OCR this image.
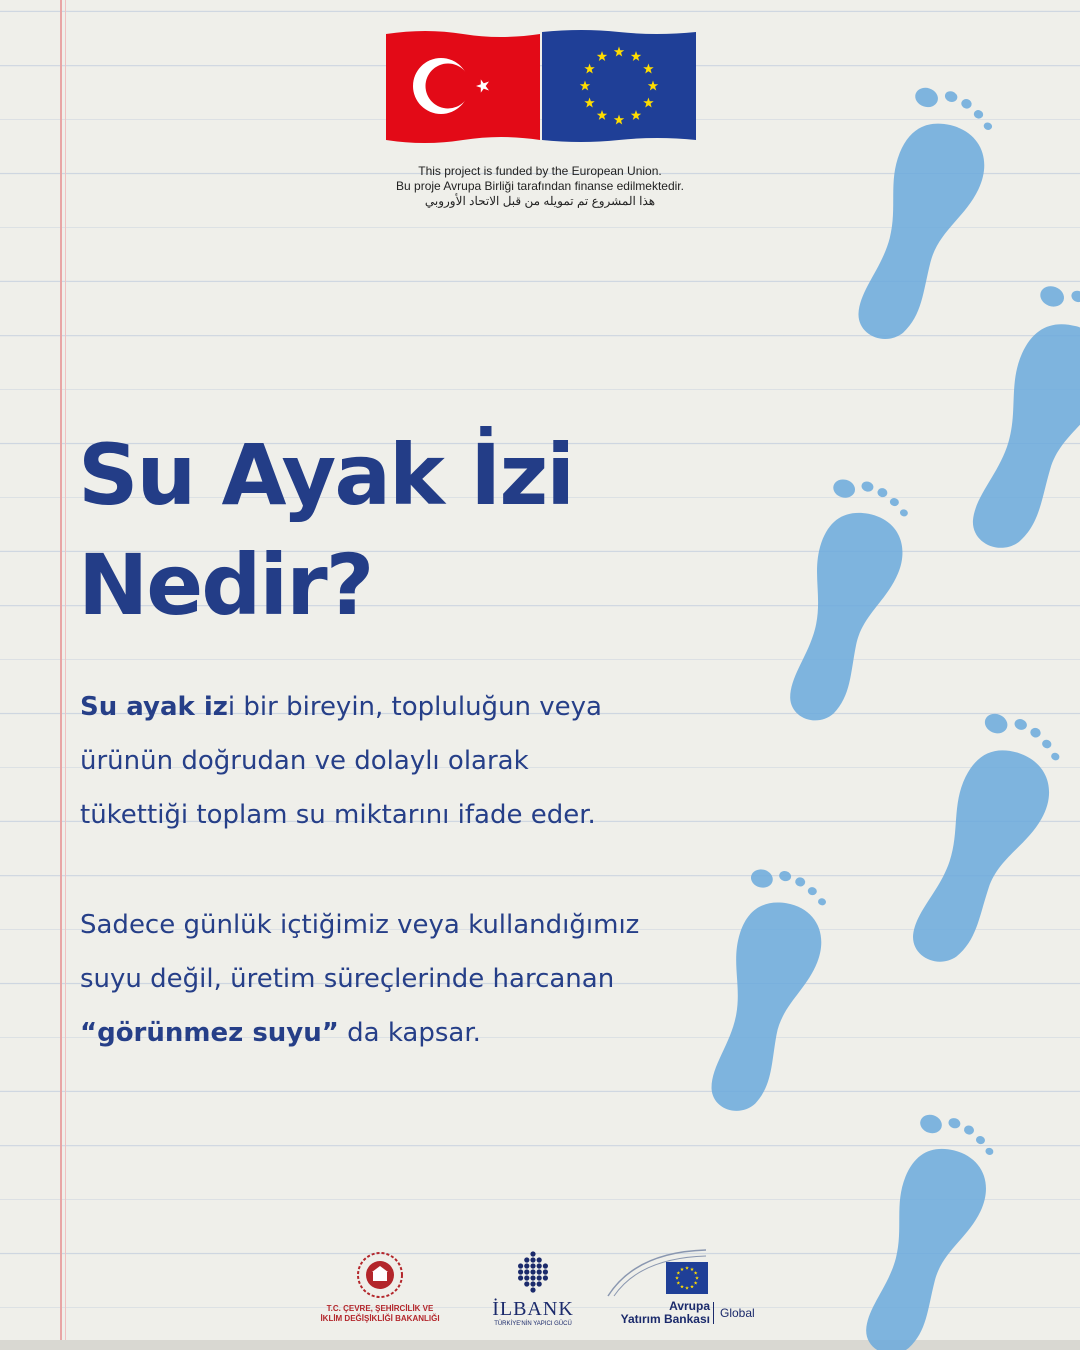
This project is funded by the European Union.
Bu proje Avrupa Birliği tarafından finanse edilmektedir.
هذا المشروع تم تمويله من قبل الاتحاد الأوروبي
Su Ayak İzi
Nedir?
Su ayak izi bir bireyin, topluluğun veya
ürünün doğrudan ve dolaylı olarak
tükettiği toplam su miktarını ifade eder.
Sadece günlük içtiğimiz veya kullandığımız
suyu değil, üretim süreçlerinde harcanan
“görünmez suyu” da kapsar.
T.C. ÇEVRE, ŞEHİRCİLİK VE
İKLİM DEĞİŞİKLİĞİ BAKANLIĞI	İLBANK
TÜRKİYE'NİN YAPICI GÜCÜ
Avrupa
Yatırım Bankası Global
